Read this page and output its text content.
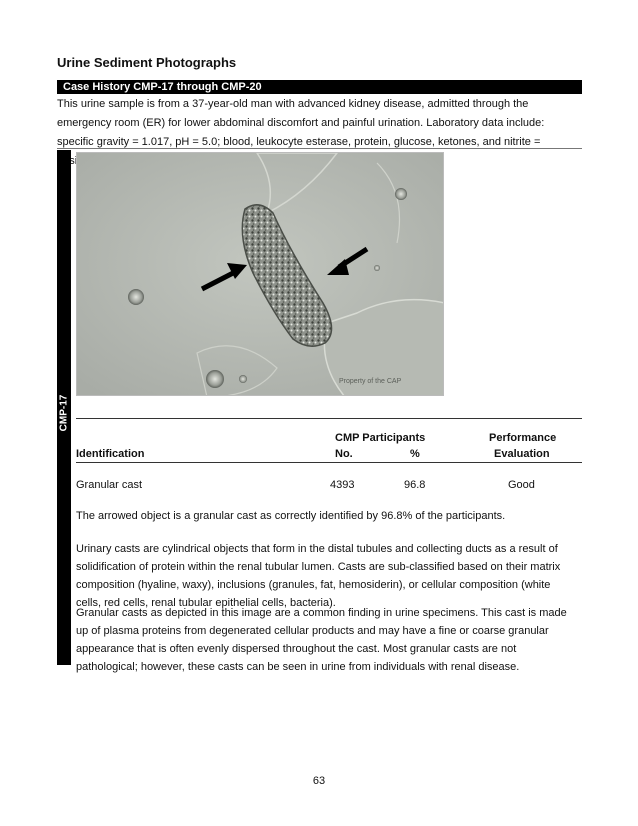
Urine Sediment Photographs
Case History CMP-17 through CMP-20
This urine sample is from a 37-year-old man with advanced kidney disease, admitted through the emergency room (ER) for lower abdominal discomfort and painful urination. Laboratory data include: specific gravity = 1.017, pH = 5.0; blood, leukocyte esterase, protein, glucose, ketones, and nitrite =
CMP-17
Property of the CAP
CMP Participants	Performance
Identification	No.	%	Evaluation
Granular cast	4393	96.8	Good
The arrowed object is a granular cast as correctly identified by 96.8% of the participants.
Urinary casts are cylindrical objects that form in the distal tubules and collecting ducts as a result of solidification of protein within the renal tubular lumen. Casts are sub-classified based on their matrix composition (hyaline, waxy), inclusions (granules, fat, hemosiderin), or cellular composition (white cells, red cells, renal tubular epithelial cells, bacteria).
Granular casts as depicted in this image are a common finding in urine specimens. This cast is made up of plasma proteins from degenerated cellular products and may have a fine or coarse granular appearance that is often evenly dispersed throughout the cast. Most granular casts are not pathological; however, these casts can be seen in urine from individuals with renal disease.
63
